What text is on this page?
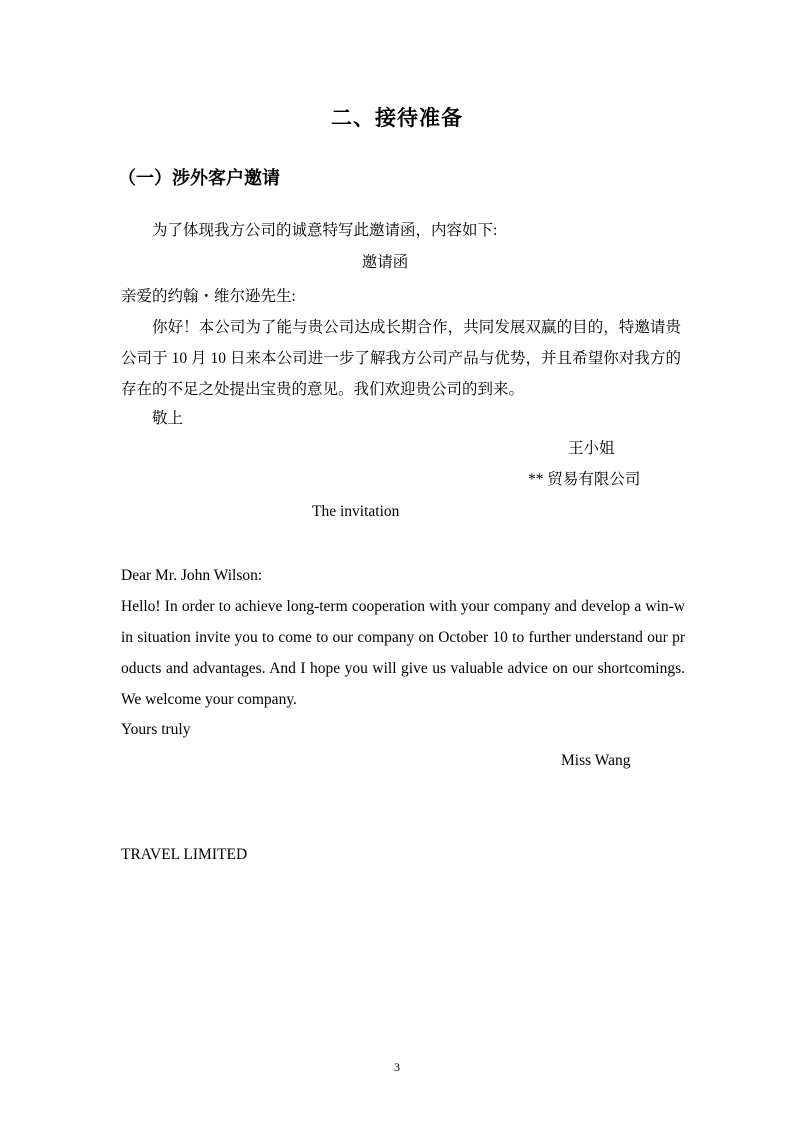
二、接待准备
（一）涉外客户邀请
为了体现我方公司的诚意特写此邀请函，内容如下:
邀请函
亲爱的约翰・维尔逊先生:
你好！本公司为了能与贵公司达成长期合作，共同发展双赢的目的，特邀请贵公司于 10 月 10 日来本公司进一步了解我方公司产品与优势，并且希望你对我方的存在的不足之处提出宝贵的意见。我们欢迎贵公司的到来。
敬上
王小姐
** 贸易有限公司
The invitation
Dear Mr. John Wilson:
Hello! In order to achieve long-term cooperation with your company and develop a win-win situation invite you to come to our company on October 10 to further understand our products and advantages. And I hope you will give us valuable advice on our shortcomings. We welcome your company.
Yours truly
Miss Wang
TRAVEL LIMITED
3
